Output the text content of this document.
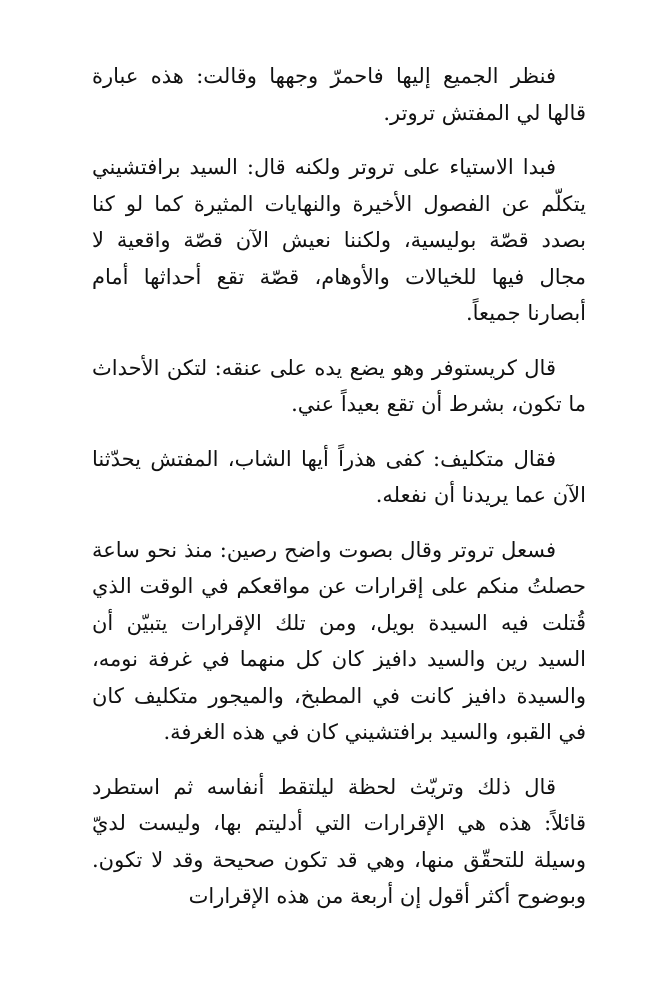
فنظر الجميع إليها فاحمرّ وجهها وقالت: هذه عبارة قالها لي المفتش تروتر.

فبدا الاستياء على تروتر ولكنه قال: السيد برافتشيني يتكلّم عن الفصول الأخيرة والنهايات المثيرة كما لو كنا بصدد قصّة بوليسية، ولكننا نعيش الآن قصّة واقعية لا مجال فيها للخيالات والأوهام، قصّة تقع أحداثها أمام أبصارنا جميعاً.

قال كريستوفر وهو يضع يده على عنقه: لتكن الأحداث ما تكون، بشرط أن تقع بعيداً عني.

فقال متكليف: كفى هذراً أيها الشاب، المفتش يحدّثنا الآن عما يريدنا أن نفعله.

فسعل تروتر وقال بصوت واضح رصين: منذ نحو ساعة حصلتُ منكم على إقرارات عن مواقعكم في الوقت الذي قُتلت فيه السيدة بويل، ومن تلك الإقرارات يتبيّن أن السيد رين والسيد دافيز كان كل منهما في غرفة نومه، والسيدة دافيز كانت في المطبخ، والميجور متكليف كان في القبو، والسيد برافتشيني كان في هذه الغرفة.

قال ذلك وتريّث لحظة ليلتقط أنفاسه ثم استطرد قائلاً: هذه هي الإقرارات التي أدليتم بها، وليست لديّ وسيلة للتحقّق منها، وهي قد تكون صحيحة وقد لا تكون. وبوضوح أكثر أقول إن أربعة من هذه الإقرارات
